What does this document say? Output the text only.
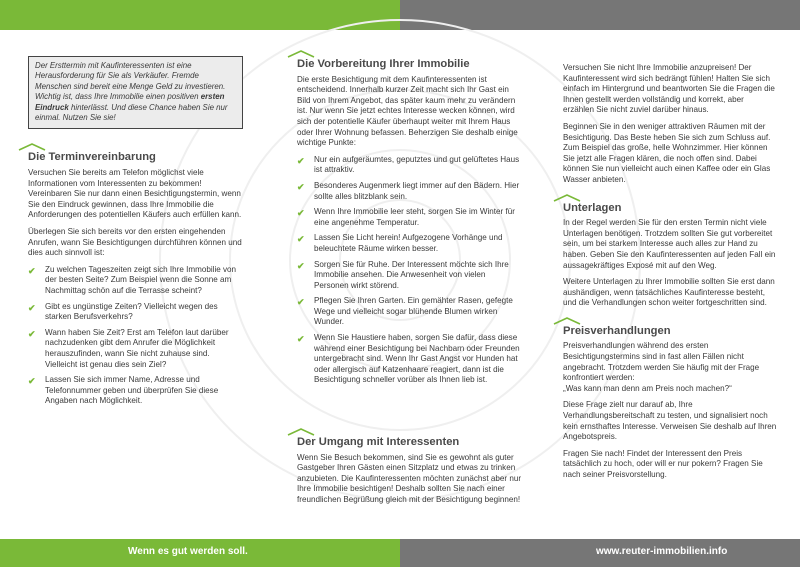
Der Ersttermin mit Kaufinteressenten ist eine Herausforderung für Sie als Verkäufer. Fremde Menschen sind bereit eine Menge Geld zu investieren. Wichtig ist, dass Ihre Immobilie einen positiven ersten Eindruck hinterlässt. Und diese Chance haben Sie nur einmal. Nutzen Sie sie!
Die Terminvereinbarung

Versuchen Sie bereits am Telefon möglichst viele Informationen vom Interessenten zu bekommen! Vereinbaren Sie nur dann einen Besichtigungstermin, wenn Sie den Eindruck gewinnen, dass Ihre Immobilie die Anforderungen des potentiellen Käufers auch erfüllen kann.

Überlegen Sie sich bereits vor den ersten eingehenden Anrufen, wann Sie Besichtigungen durchführen können und dies auch sinnvoll ist:

✔ Zu welchen Tageszeiten zeigt sich Ihre Immobilie von der besten Seite? Zum Beispiel wenn die Sonne am Nachmittag schön auf die Terrasse scheint?
✔ Gibt es ungünstige Zeiten? Vielleicht wegen des starken Berufsverkehrs?
✔ Wann haben Sie Zeit? Erst am Telefon laut darüber nachzudenken gibt dem Anrufer die Möglichkeit herauszufinden, wann Sie nicht zuhause sind. Vielleicht ist genau dies sein Ziel?
✔ Lassen Sie sich immer Name, Adresse und Telefonnummer geben und überprüfen Sie diese Angaben nach Möglichkeit.
Die Vorbereitung Ihrer Immobilie

Die erste Besichtigung mit dem Kaufinteressenten ist entscheidend. Innerhalb kurzer Zeit macht sich Ihr Gast ein Bild von Ihrem Angebot, das später kaum mehr zu verändern ist. Nur wenn Sie jetzt echtes Interesse wecken können, wird sich der potentielle Käufer überhaupt weiter mit Ihrem Haus oder Ihrer Wohnung befassen. Beherzigen Sie deshalb einige wichtige Punkte:

✔ Nur ein aufgeräumtes, geputztes und gut gelüftetes Haus ist attraktiv.
✔ Besonderes Augenmerk liegt immer auf den Bädern. Hier sollte alles blitzblank sein.
✔ Wenn Ihre Immobilie leer steht, sorgen Sie im Winter für eine angenehme Temperatur.
✔ Lassen Sie Licht herein! Aufgezogene Vorhänge und beleuchtete Räume wirken besser.
✔ Sorgen Sie für Ruhe. Der Interessent möchte sich Ihre Immobilie ansehen. Die Anwesenheit von vielen Personen wirkt störend.
✔ Pflegen Sie Ihren Garten. Ein gemähter Rasen, gefegte Wege und vielleicht sogar blühende Blumen wirken Wunder.
✔ Wenn Sie Haustiere haben, sorgen Sie dafür, dass diese während einer Besichtigung bei Nachbarn oder Freunden untergebracht sind. Wenn Ihr Gast Angst vor Hunden hat oder allergisch auf Katzenhaare reagiert, dann ist die Besichtigung schneller vorüber als Ihnen lieb ist.
Der Umgang mit Interessenten

Wenn Sie Besuch bekommen, sind Sie es gewohnt als guter Gastgeber Ihren Gästen einen Sitzplatz und etwas zu trinken anzubieten. Die Kaufinteressenten möchten zunächst aber nur Ihre Immobilie besichtigen! Deshalb sollten Sie nach einer freundlichen Begrüßung gleich mit der Besichtigung beginnen!

Versuchen Sie nicht Ihre Immobilie anzupreisen! Der Kaufinteressent wird sich bedrängt fühlen! Halten Sie sich einfach im Hintergrund und beantworten Sie die Fragen die Ihnen gestellt werden vollständig und korrekt, aber erzählen Sie nicht zuviel darüber hinaus.

Beginnen Sie in den weniger attraktiven Räumen mit der Besichtigung. Das Beste heben Sie sich zum Schluss auf. Zum Beispiel das große, helle Wohnzimmer. Hier können Sie jetzt alle Fragen klären, die noch offen sind. Dabei können Sie nun vielleicht auch einen Kaffee oder ein Glas Wasser anbieten.

Unterlagen

In der Regel werden Sie für den ersten Termin nicht viele Unterlagen benötigen. Trotzdem sollten Sie gut vorbereitet sein, um bei starkem Interesse auch alles zur Hand zu haben. Geben Sie den Kaufinteressenten auf jeden Fall ein aussagekräftiges Exposé mit auf den Weg.

Weitere Unterlagen zu Ihrer Immobilie sollten Sie erst dann aushändigen, wenn tatsächliches Kaufinteresse besteht, und die Verhandlungen schon weiter fortgeschritten sind.

Preisverhandlungen

Preisverhandlungen während des ersten Besichtigungstermins sind in fast allen Fällen nicht angebracht. Trotzdem werden Sie häufig mit der Frage konfrontiert werden:

„Was kann man denn am Preis noch machen?“

Diese Frage zielt nur darauf ab, Ihre Verhandlungsbereitschaft zu testen, und signalisiert noch kein ernsthaftes Interesse. Verweisen Sie deshalb auf Ihren Angebotspreis.

Fragen Sie nach! Findet der Interessent den Preis tatsächlich zu hoch, oder will er nur pokern? Fragen Sie nach seiner Preisvorstellung.

Wenn es gut werden soll.	www.reuter-immobilien.info
